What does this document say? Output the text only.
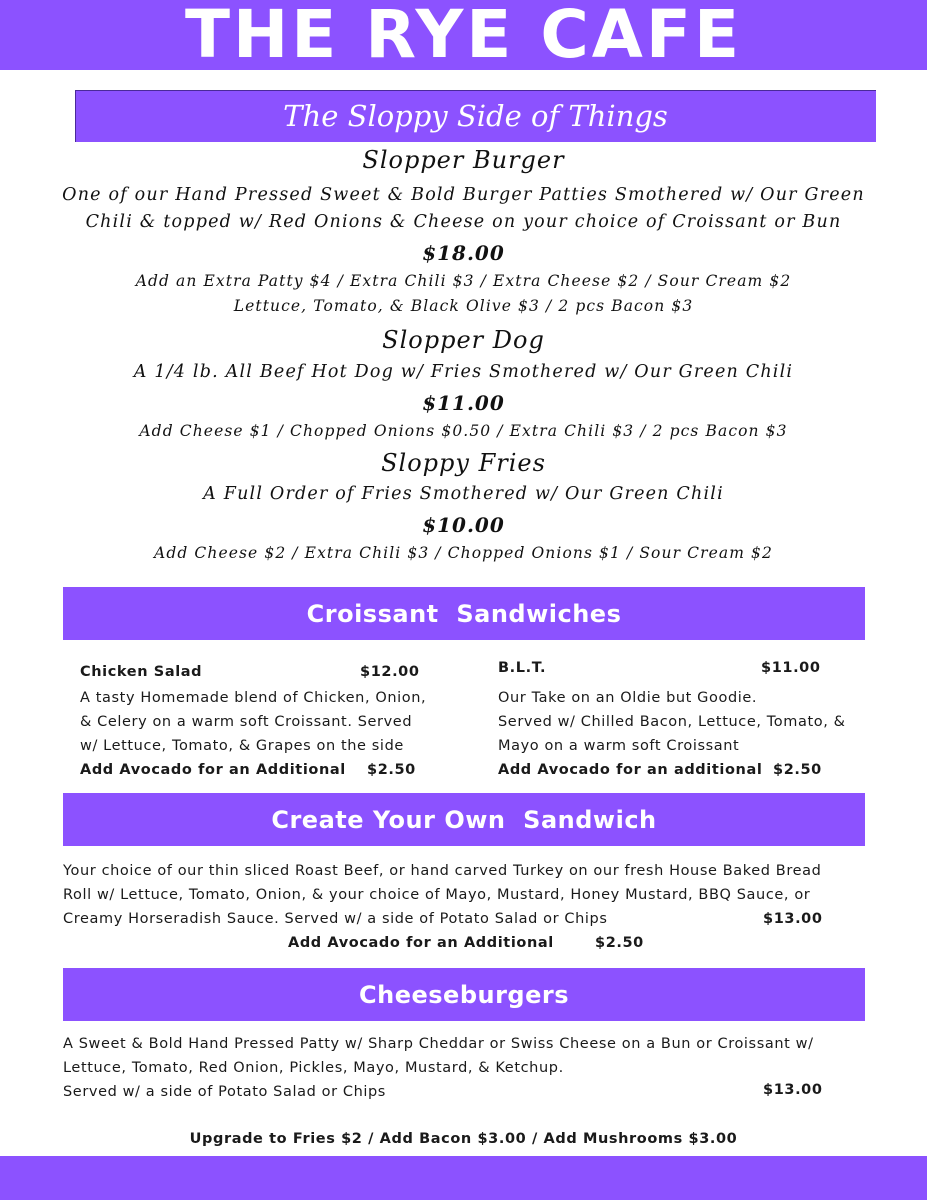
THE RYE CAFE
The Sloppy Side of Things
Slopper Burger
One of our Hand Pressed Sweet & Bold Burger Patties Smothered w/ Our Green
Chili & topped w/ Red Onions & Cheese on your choice of Croissant or Bun
$18.00
Add an Extra Patty $4 / Extra Chili $3 / Extra Cheese $2 / Sour Cream $2
Lettuce, Tomato, & Black Olive $3 / 2 pcs Bacon $3
Slopper Dog
A 1/4 lb. All Beef Hot Dog w/ Fries Smothered w/ Our Green Chili
$11.00
Add Cheese $1 / Chopped Onions $0.50 / Extra Chili $3 / 2 pcs Bacon $3
Sloppy Fries
A Full Order of Fries Smothered w/ Our Green Chili
$10.00
Add Cheese $2 / Extra Chili $3 / Chopped Onions $1 / Sour Cream $2
Croissant  Sandwiches
Chicken Salad	$12.00
A tasty Homemade blend of Chicken, Onion,
& Celery on a warm soft Croissant. Served
w/ Lettuce, Tomato, & Grapes on the side
Add Avocado for an Additional $2.50
B.L.T.	$11.00
Our Take on an Oldie but Goodie.
Served w/ Chilled Bacon, Lettuce, Tomato, &
Mayo on a warm soft Croissant
Add Avocado for an additional $2.50
Create Your Own  Sandwich
Your choice of our thin sliced Roast Beef, or hand carved Turkey on our fresh House Baked Bread
Roll w/ Lettuce, Tomato, Onion, & your choice of Mayo, Mustard, Honey Mustard, BBQ Sauce, or
Creamy Horseradish Sauce. Served w/ a side of Potato Salad or Chips	$13.00
Add Avocado for an Additional	$2.50
Cheeseburgers
A Sweet & Bold Hand Pressed Patty w/ Sharp Cheddar or Swiss Cheese on a Bun or Croissant w/
Lettuce, Tomato, Red Onion, Pickles, Mayo, Mustard, & Ketchup.
Served w/ a side of Potato Salad or Chips	$13.00
Upgrade to Fries $2 / Add Bacon $3.00 / Add Mushrooms $3.00
